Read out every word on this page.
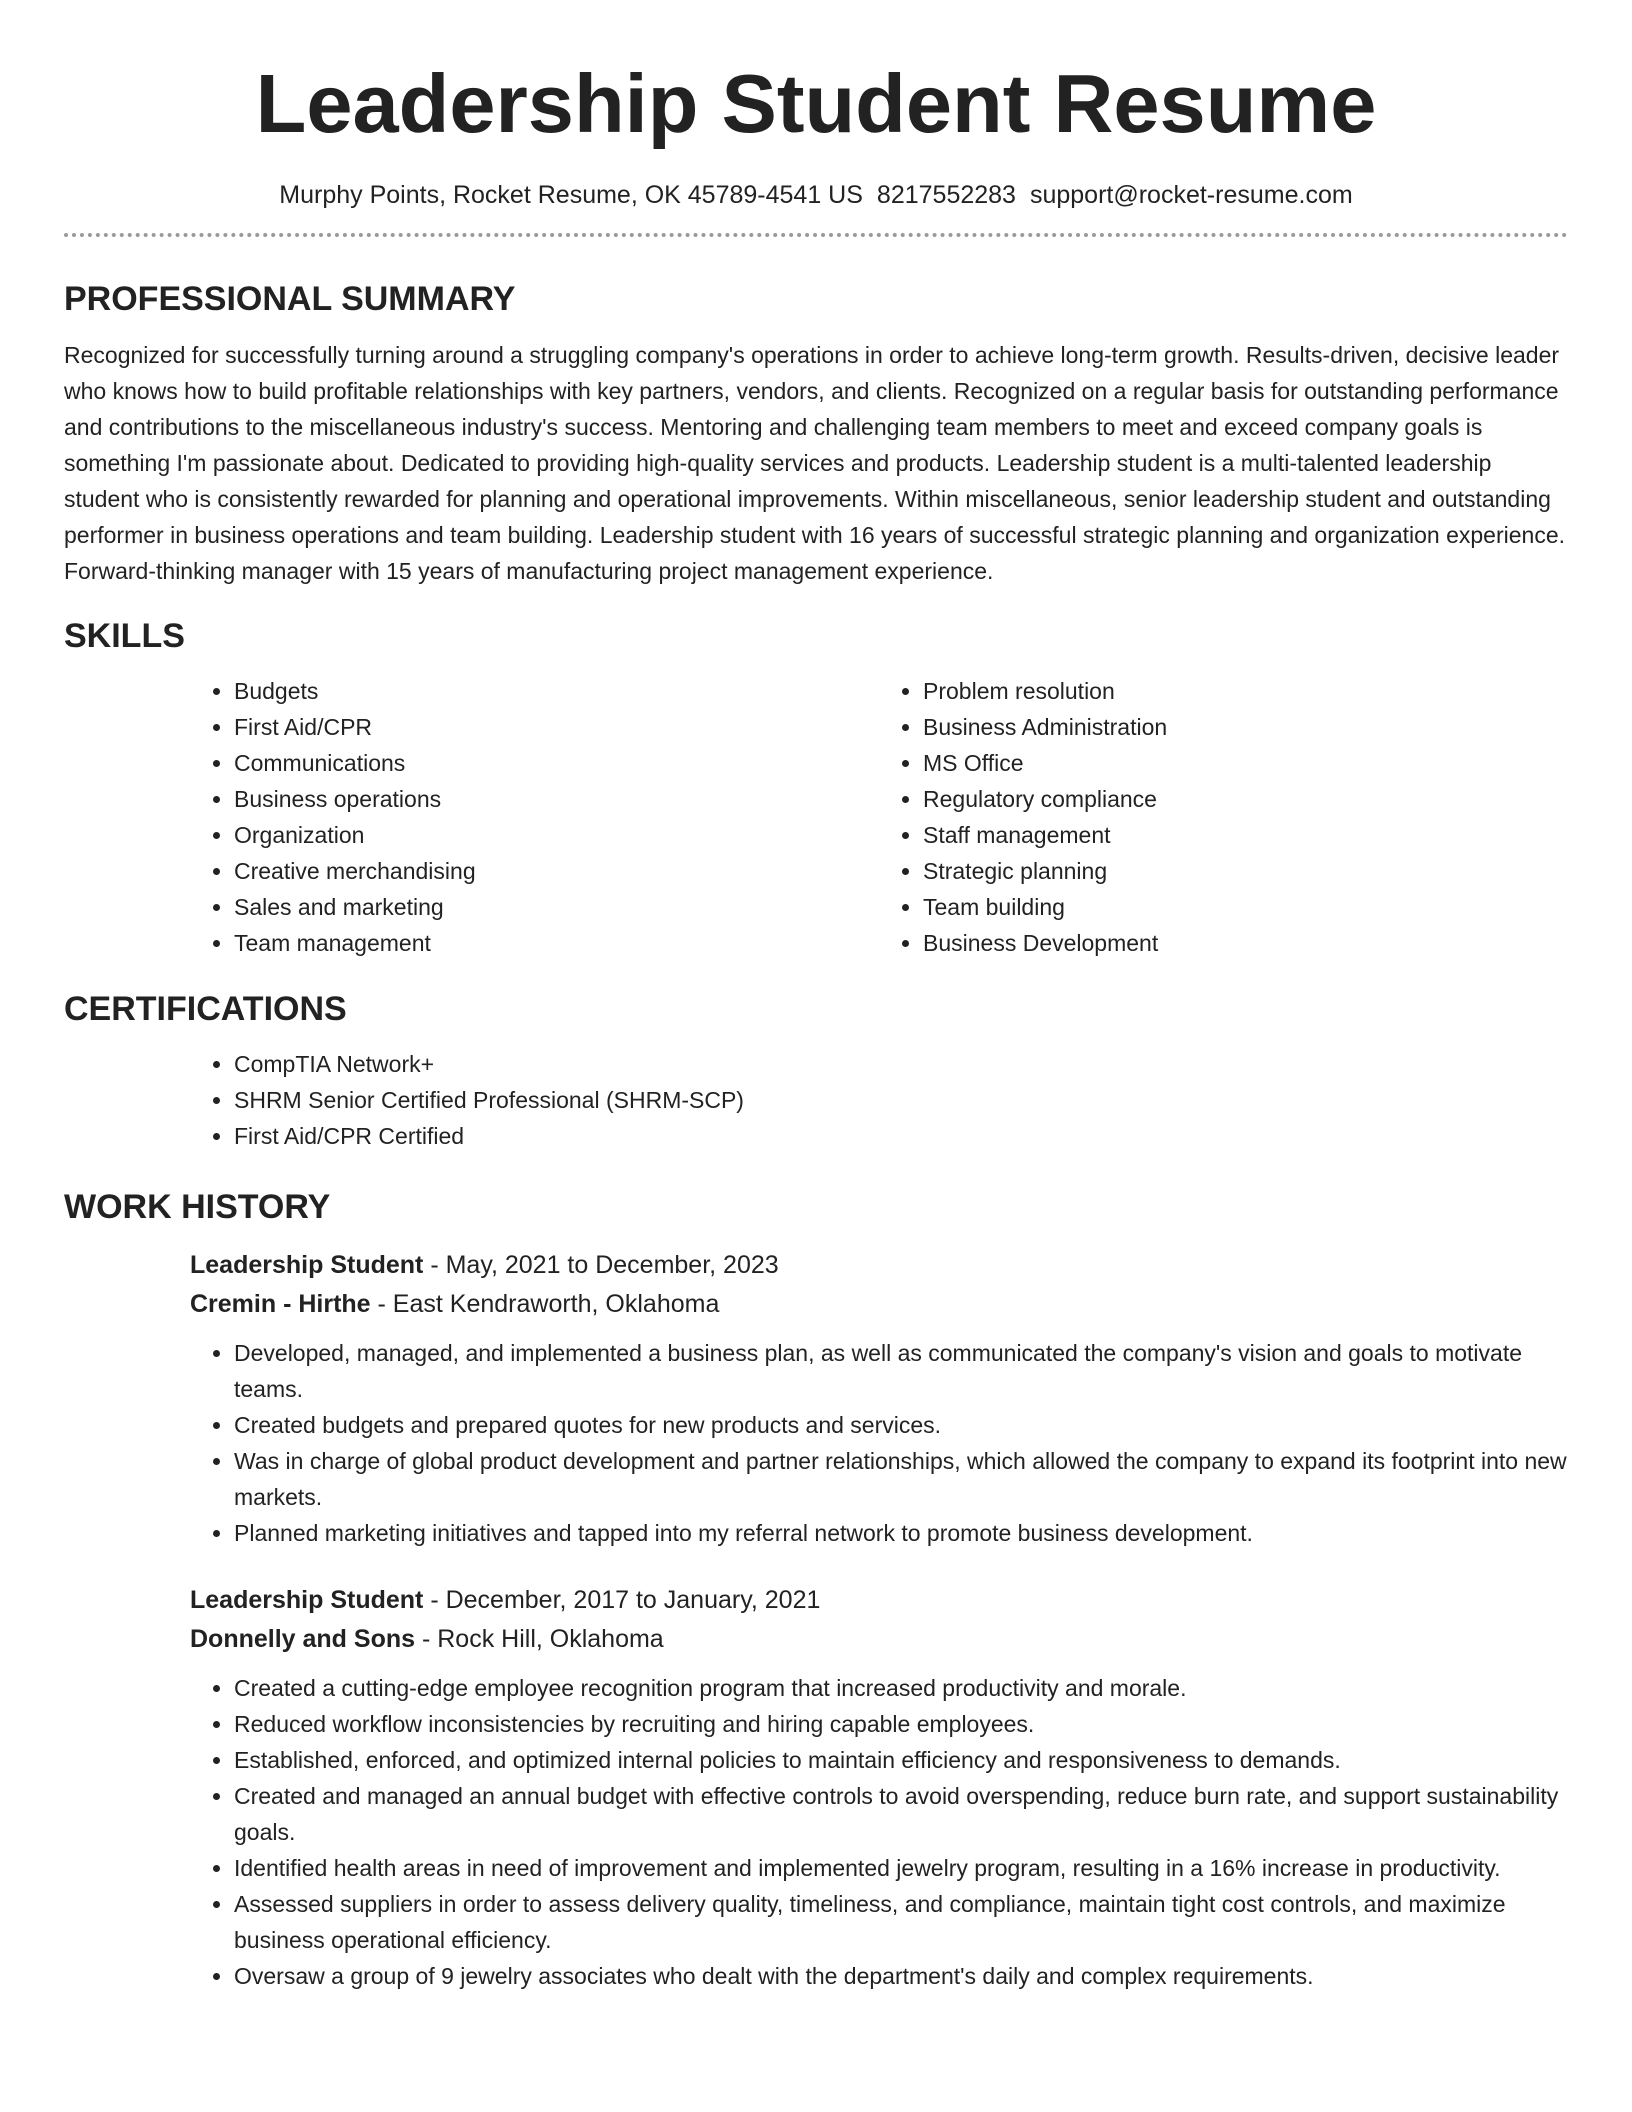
Leadership Student Resume
Murphy Points, Rocket Resume, OK 45789-4541 US 8217552283 support@rocket-resume.com
PROFESSIONAL SUMMARY

Recognized for successfully turning around a struggling company's operations in order to achieve long-term growth. Results-driven, decisive leader who knows how to build profitable relationships with key partners, vendors, and clients. Recognized on a regular basis for outstanding performance and contributions to the miscellaneous industry's success. Mentoring and challenging team members to meet and exceed company goals is something I'm passionate about. Dedicated to providing high-quality services and products. Leadership student is a multi-talented leadership student who is consistently rewarded for planning and operational improvements. Within miscellaneous, senior leadership student and outstanding performer in business operations and team building. Leadership student with 16 years of successful strategic planning and organization experience. Forward-thinking manager with 15 years of manufacturing project management experience.

SKILLS
• Budgets
• First Aid/CPR
• Communications
• Business operations
• Organization
• Creative merchandising
• Sales and marketing
• Team management
• Problem resolution
• Business Administration
• MS Office
• Regulatory compliance
• Staff management
• Strategic planning
• Team building
• Business Development
CERTIFICATIONS
• CompTIA Network+
• SHRM Senior Certified Professional (SHRM-SCP)
• First Aid/CPR Certified
WORK HISTORY
Leadership Student - May, 2021 to December, 2023
Cremin - Hirthe - East Kendraworth, Oklahoma
• Developed, managed, and implemented a business plan, as well as communicated the company's vision and goals to motivate teams.
• Created budgets and prepared quotes for new products and services.
• Was in charge of global product development and partner relationships, which allowed the company to expand its footprint into new markets.
• Planned marketing initiatives and tapped into my referral network to promote business development.
Leadership Student - December, 2017 to January, 2021
Donnelly and Sons - Rock Hill, Oklahoma
• Created a cutting-edge employee recognition program that increased productivity and morale.
• Reduced workflow inconsistencies by recruiting and hiring capable employees.
• Established, enforced, and optimized internal policies to maintain efficiency and responsiveness to demands.
• Created and managed an annual budget with effective controls to avoid overspending, reduce burn rate, and support sustainability goals.
• Identified health areas in need of improvement and implemented jewelry program, resulting in a 16% increase in productivity.
• Assessed suppliers in order to assess delivery quality, timeliness, and compliance, maintain tight cost controls, and maximize business operational efficiency.
• Oversaw a group of 9 jewelry associates who dealt with the department's daily and complex requirements.
